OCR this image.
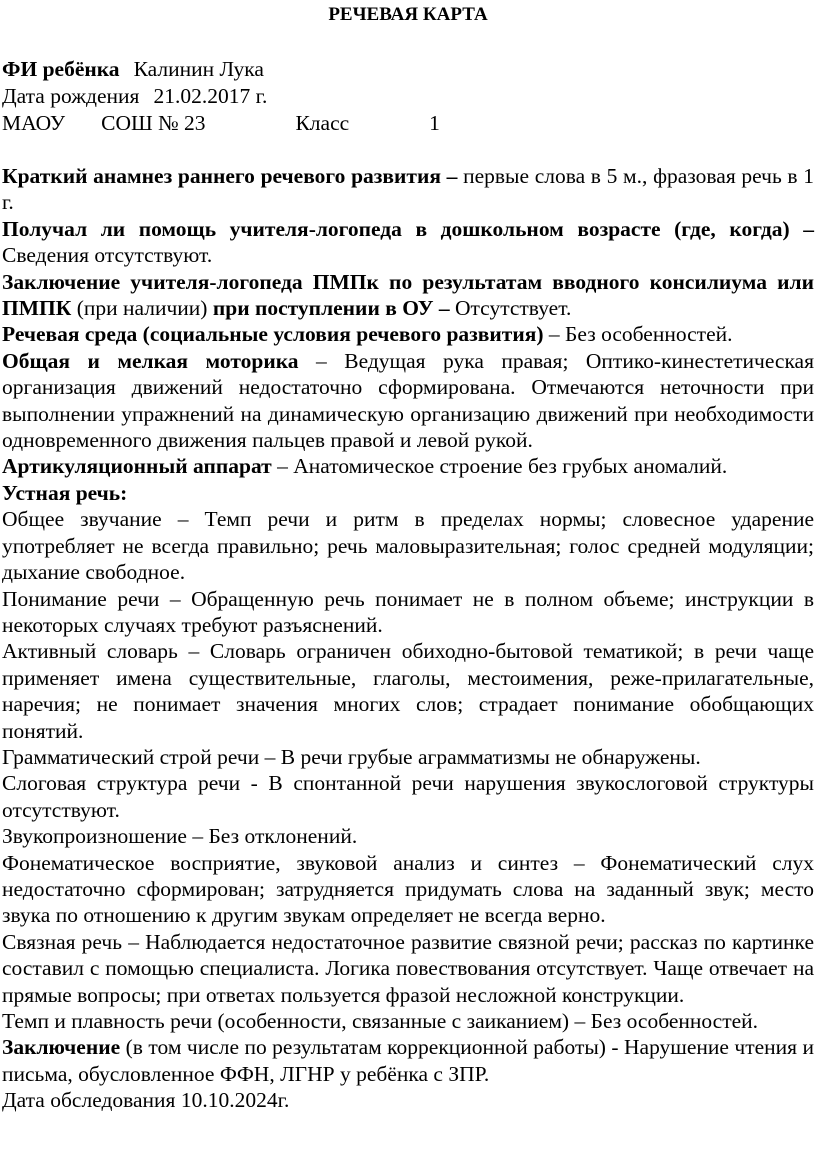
РЕЧЕВАЯ КАРТА
ФИ ребёнка Калинин Лука
Дата рождения 21.02.2017 г.
МАОУ СОШ № 23	Класс	1

Краткий анамнез раннего речевого развития – первые слова в 5 м., фразовая речь в 1 г.

Получал ли помощь учителя-логопеда в дошкольном возрасте (где, когда) – Сведения отсутствуют.

Заключение учителя-логопеда ПМПк по результатам вводного консилиума или ПМПК (при наличии) при поступлении в ОУ – Отсутствует.

Речевая среда (социальные условия речевого развития) – Без особенностей.

Общая и мелкая моторика – Ведущая рука правая; Оптико-кинестетическая организация движений недостаточно сформирована. Отмечаются неточности при выполнении упражнений на динамическую организацию движений при необходимости одновременного движения пальцев правой и левой рукой.

Артикуляционный аппарат – Анатомическое строение без грубых аномалий.

Устная речь:

Общее звучание – Темп речи и ритм в пределах нормы; словесное ударение употребляет не всегда правильно; речь маловыразительная; голос средней модуляции; дыхание свободное.

Понимание речи – Обращенную речь понимает не в полном объеме; инструкции в некоторых случаях требуют разъяснений.

Активный словарь – Словарь ограничен обиходно-бытовой тематикой; в речи чаще применяет имена существительные, глаголы, местоимения, реже-прилагательные, наречия; не понимает значения многих слов; страдает понимание обобщающих понятий.

Грамматический строй речи – В речи грубые аграмматизмы не обнаружены.

Слоговая структура речи - В спонтанной речи нарушения звукослоговой структуры отсутствуют.

Звукопроизношение – Без отклонений.

Фонематическое восприятие, звуковой анализ и синтез – Фонематический слух недостаточно сформирован; затрудняется придумать слова на заданный звук; место звука по отношению к другим звукам определяет не всегда верно.

Связная речь – Наблюдается недостаточное развитие связной речи; рассказ по картинке составил с помощью специалиста. Логика повествования отсутствует. Чаще отвечает на прямые вопросы; при ответах пользуется фразой несложной конструкции.

Темп и плавность речи (особенности, связанные с заиканием) – Без особенностей.

Заключение (в том числе по результатам коррекционной работы) - Нарушение чтения и письма, обусловленное ФФН, ЛГНР у ребёнка с ЗПР.

Дата обследования 10.10.2024г.
